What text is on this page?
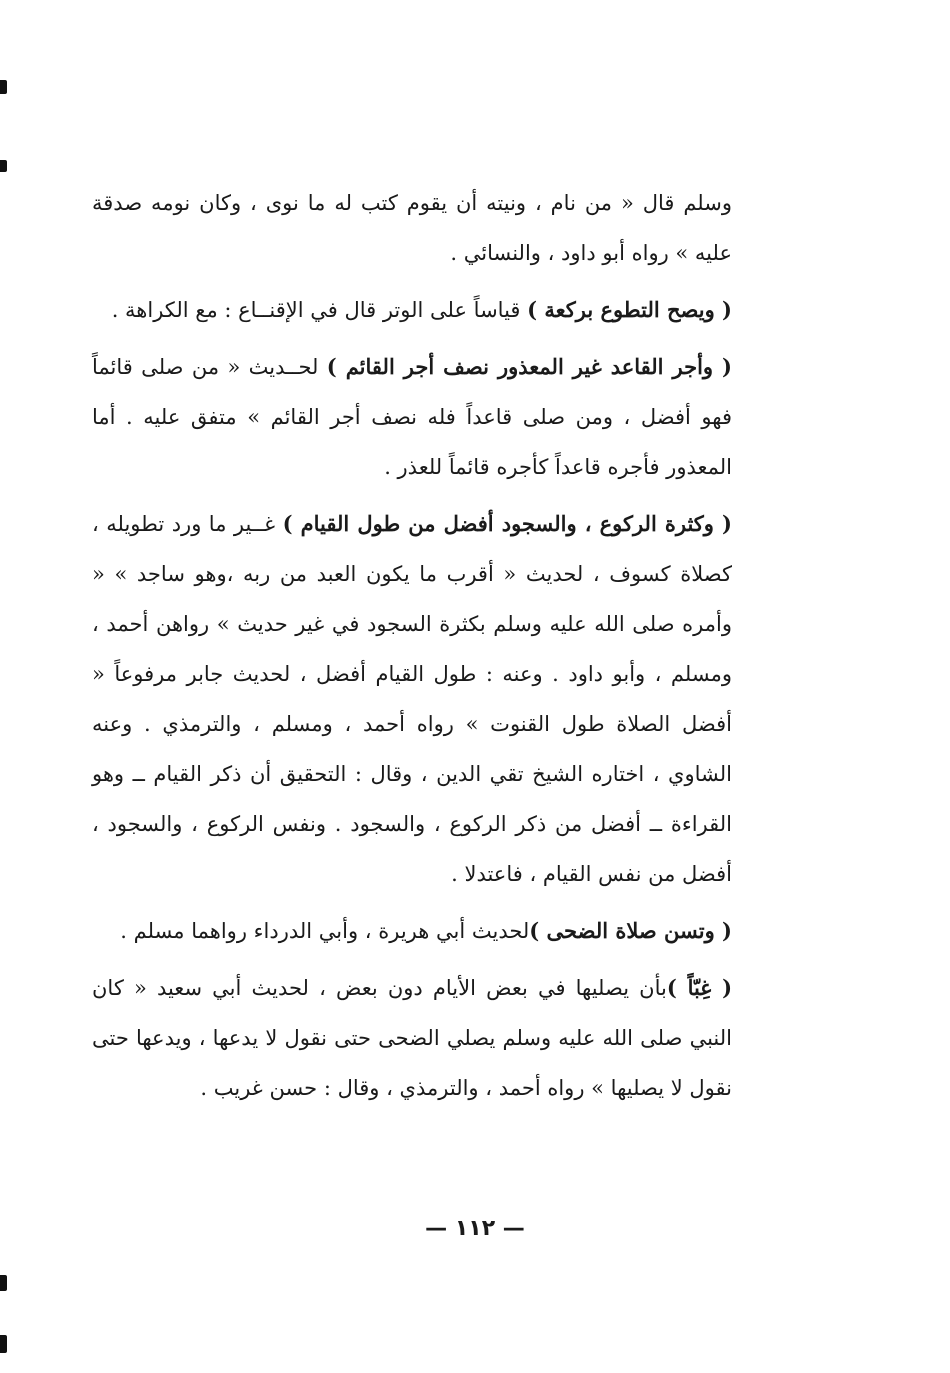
وسلم قال « من نام ، ونيته أن يقوم كتب له ما نوى ، وكان نومه صدقة عليه » رواه أبو داود ، والنسائي .

( ويصح التطوع بركعة ) قياساً على الوتر قال في الإقنــاع : مع الكراهة .

( وأجر القاعد غير المعذور نصف أجر القائم ) لحــديث « من صلى قائماً فهو أفضل ، ومن صلى قاعداً فله نصف أجر القائم » متفق عليه . أما المعذور فأجره قاعداً كأجره قائماً للعذر .

( وكثرة الركوع ، والسجود أفضل من طول القيام ) غــير ما ورد تطويله ، كصلاة كسوف ، لحديث « أقرب ما يكون العبد من ربه ،وهو ساجد » « وأمره صلى الله عليه وسلم بكثرة السجود في غير حديث » رواهن أحمد ، ومسلم ، وأبو داود . وعنه : طول القيام أفضل ، لحديث جابر مرفوعاً « أفضل الصلاة طول القنوت » رواه أحمد ، ومسلم ، والترمذي . وعنه الشاوي ، اختاره الشيخ تقي الدين ، وقال : التحقيق أن ذكر القيام ــ وهو القراءة ــ أفضل من ذكر الركوع ، والسجود . ونفس الركوع ، والسجود ، أفضل من نفس القيام ، فاعتدلا .

( وتسن صلاة الضحى )لحديث أبي هريرة ، وأبي الدرداء رواهما مسلم .

( غِبّاً )بأن يصليها في بعض الأيام دون بعض ، لحديث أبي سعيد « كان النبي صلى الله عليه وسلم يصلي الضحى حتى نقول لا يدعها ، ويدعها حتى نقول لا يصليها » رواه أحمد ، والترمذي ، وقال : حسن غريب .

— ١١٢ —
